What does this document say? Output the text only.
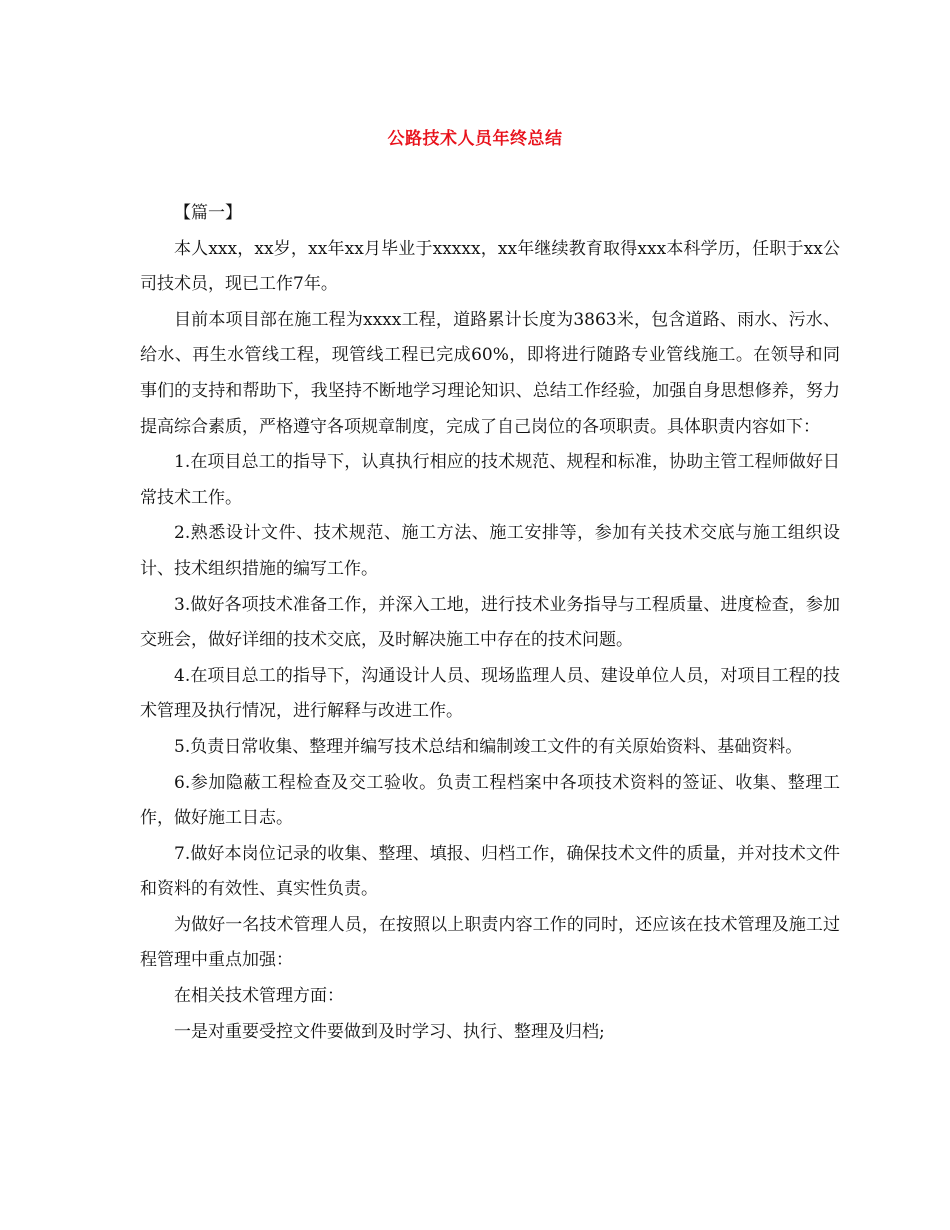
公路技术人员年终总结

【篇一】

本人xxx，xx岁，xx年xx月毕业于xxxxx，xx年继续教育取得xxx本科学历，任职于xx公司技术员，现已工作7年。

目前本项目部在施工程为xxxx工程，道路累计长度为3863米，包含道路、雨水、污水、给水、再生水管线工程，现管线工程已完成60%，即将进行随路专业管线施工。在领导和同事们的支持和帮助下，我坚持不断地学习理论知识、总结工作经验，加强自身思想修养，努力提高综合素质，严格遵守各项规章制度，完成了自己岗位的各项职责。具体职责内容如下：

1.在项目总工的指导下，认真执行相应的技术规范、规程和标准，协助主管工程师做好日常技术工作。

2.熟悉设计文件、技术规范、施工方法、施工安排等，参加有关技术交底与施工组织设计、技术组织措施的编写工作。

3.做好各项技术准备工作，并深入工地，进行技术业务指导与工程质量、进度检查，参加交班会，做好详细的技术交底，及时解决施工中存在的技术问题。

4.在项目总工的指导下，沟通设计人员、现场监理人员、建设单位人员，对项目工程的技术管理及执行情况，进行解释与改进工作。

5.负责日常收集、整理并编写技术总结和编制竣工文件的有关原始资料、基础资料。

6.参加隐蔽工程检查及交工验收。负责工程档案中各项技术资料的签证、收集、整理工作，做好施工日志。

7.做好本岗位记录的收集、整理、填报、归档工作，确保技术文件的质量，并对技术文件和资料的有效性、真实性负责。

为做好一名技术管理人员，在按照以上职责内容工作的同时，还应该在技术管理及施工过程管理中重点加强：

在相关技术管理方面：

一是对重要受控文件要做到及时学习、执行、整理及归档;
